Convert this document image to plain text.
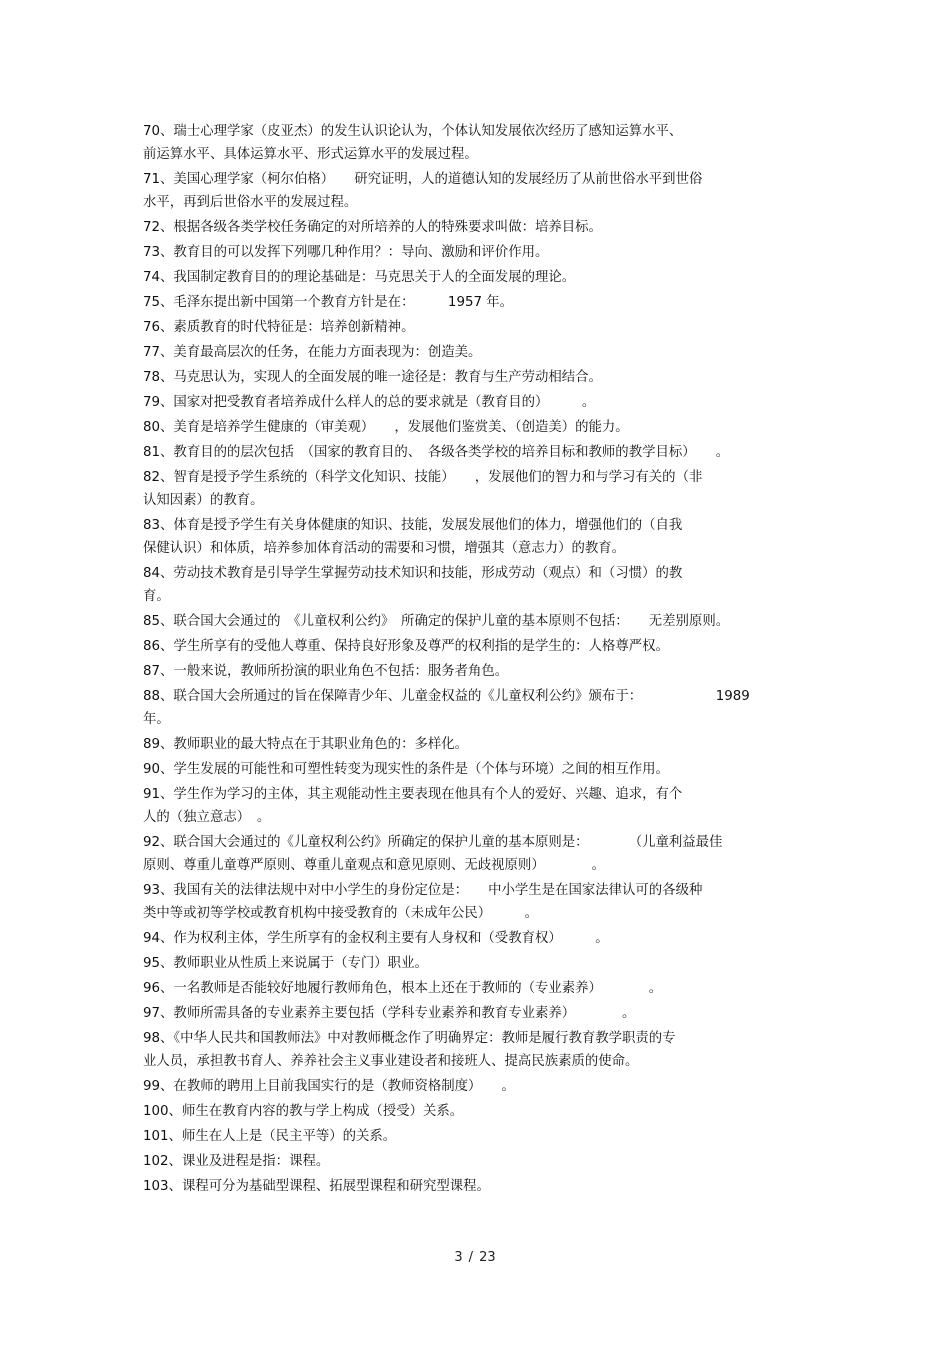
70、瑞士心理学家（皮亚杰）的发生认识论认为，个体认知发展依次经历了感知运算水平、
前运算水平、具体运算水平、形式运算水平的发展过程。
71、美国心理学家（柯尔伯格）　　研究证明，人的道德认知的发展经历了从前世俗水平到世俗
水平，再到后世俗水平的发展过程。
72、根据各级各类学校任务确定的对所培养的人的特殊要求叫做：培养目标。
73、教育目的可以发挥下列哪几种作用？：导向、激励和评价作用。
74、我国制定教育目的的理论基础是：马克思关于人的全面发展的理论。
75、毛泽东提出新中国第一个教育方针是在：　　　1957 年。
76、素质教育的时代特征是：培养创新精神。
77、美育最高层次的任务，在能力方面表现为：创造美。
78、马克思认为，实现人的全面发展的唯一途径是：教育与生产劳动相结合。
79、国家对把受教育者培养成什么样人的总的要求就是（教育目的）　　　。
80、美育是培养学生健康的（审美观）　　，发展他们鉴赏美、（创造美）的能力。
81、教育目的的层次包括　（国家的教育目的、　各级各类学校的培养目标和教师的教学目标）　　。
82、智育是授予学生系统的（科学文化知识、技能）　　，发展他们的智力和与学习有关的（非
认知因素）的教育。
83、体育是授予学生有关身体健康的知识、技能，发展发展他们的体力，增强他们的（自我
保健认识）和体质，培养参加体育活动的需要和习惯，增强其（意志力）的教育。
84、劳动技术教育是引导学生掌握劳动技术知识和技能，形成劳动（观点）和（习惯）的教
育。
85、联合国大会通过的　《儿童权利公约》　所确定的保护儿童的基本原则不包括：　　无差别原则。
86、学生所享有的受他人尊重、保持良好形象及尊严的权利指的是学生的：人格尊严权。
87、一般来说，教师所扮演的职业角色不包括：服务者角色。
88、联合国大会所通过的旨在保障青少年、儿童金权益的《儿童权利公约》颁布于：　　　　　　1989
年。
89、教师职业的最大特点在于其职业角色的：多样化。
90、学生发展的可能性和可塑性转变为现实性的条件是（个体与环境）之间的相互作用。
91、学生作为学习的主体，其主观能动性主要表现在他具有个人的爱好、兴趣、追求，有个
人的（独立意志）　。
92、联合国大会通过的《儿童权利公约》所确定的保护儿童的基本原则是：　　　　（儿童利益最佳
原则、尊重儿童尊严原则、尊重儿童观点和意见原则、无歧视原则）　　　　。
93、我国有关的法律法规中对中小学生的身份定位是：　　中小学生是在国家法律认可的各级种
类中等或初等学校或教育机构中接受教育的（未成年公民）　　　。
94、作为权利主体，学生所享有的金权利主要有人身权和（受教育权）　　　。
95、教师职业从性质上来说属于（专门）职业。
96、一名教师是否能较好地履行教师角色，根本上还在于教师的（专业素养）　　　　。
97、教师所需具备的专业素养主要包括（学科专业素养和教育专业素养）　　　　。
98、《中华人民共和国教师法》中对教师概念作了明确界定：教师是履行教育教学职责的专
业人员，承担教书育人、养养社会主义事业建设者和接班人、提高民族素质的使命。
99、在教师的聘用上目前我国实行的是（教师资格制度）　　。
100、师生在教育内容的教与学上构成（授受）关系。
101、师生在人上是（民主平等）的关系。
102、课业及进程是指：课程。
103、课程可分为基础型课程、拓展型课程和研究型课程。
3 / 23
